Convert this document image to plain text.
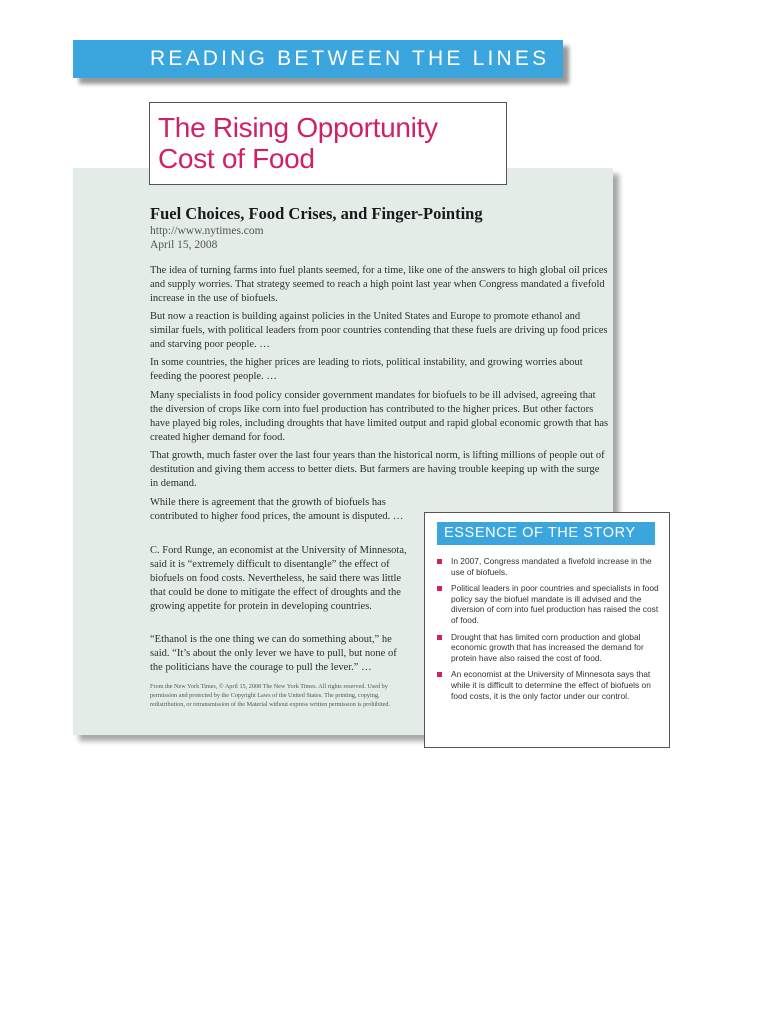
READING BETWEEN THE LINES
The Rising Opportunity
Cost of Food
Fuel Choices, Food Crises, and Finger-Pointing
http://www.nytimes.com
April 15, 2008

The idea of turning farms into fuel plants seemed, for a time, like one of the answers to high global oil prices and supply worries. That strategy seemed to reach a high point last year when Congress mandated a fivefold increase in the use of biofuels.

But now a reaction is building against policies in the United States and Europe to promote ethanol and similar fuels, with political leaders from poor countries contending that these fuels are driving up food prices and starving poor people. …

In some countries, the higher prices are leading to riots, political instability, and growing worries about feeding the poorest people. …

Many specialists in food policy consider government mandates for biofuels to be ill advised, agreeing that the diversion of crops like corn into fuel production has contributed to the higher prices. But other factors have played big roles, including droughts that have limited output and rapid global economic growth that has created higher demand for food.

That growth, much faster over the last four years than the historical norm, is lifting millions of people out of destitution and giving them access to better diets. But farmers are having trouble keeping up with the surge in demand.

While there is agreement that the growth of biofuels has contributed to higher food prices, the amount is disputed. …

C. Ford Runge, an economist at the University of Minnesota, said it is “extremely difficult to disentangle” the effect of biofuels on food costs. Nevertheless, he said there was little that could be done to mitigate the effect of droughts and the growing appetite for protein in developing countries.

“Ethanol is the one thing we can do something about,” he said. “It’s about the only lever we have to pull, but none of the politicians have the courage to pull the lever.” …

From the New York Times, © April 15, 2008 The New York Times. All rights reserved. Used by permission and protected by the Copyright Laws of the United States. The printing, copying, redistribution, or retransmission of the Material without express written permission is prohibited.

ESSENCE OF THE STORY
In 2007, Congress mandated a fivefold increase in the use of biofuels.
Political leaders in poor countries and specialists in food policy say the biofuel mandate is ill advised and the diversion of corn into fuel production has raised the cost of food.
Drought that has limited corn production and global economic growth that has increased the demand for protein have also raised the cost of food.
An economist at the University of Minnesota says that while it is difficult to determine the effect of biofuels on food costs, it is the only factor under our control.
